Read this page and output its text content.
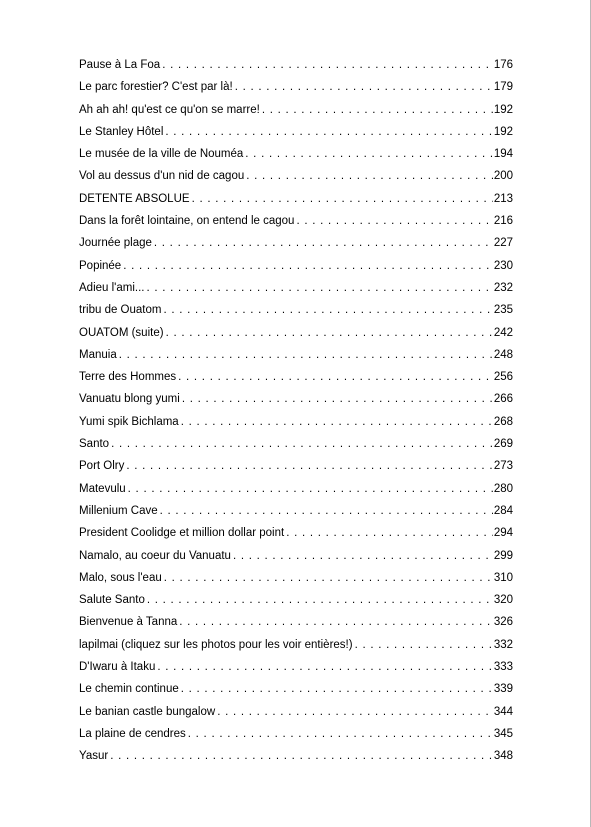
Pause à La Foa . . .	176
Le parc forestier? C'est par là! . . .	179
Ah ah ah! qu'est ce qu'on se marre! . . .	192
Le Stanley Hôtel . . .	192
Le musée de la ville de Nouméa . . .	194
Vol au dessus d'un nid de cagou . . .	200
DETENTE ABSOLUE . . .	213
Dans la forêt lointaine, on entend le cagou . . .	216
Journée plage . . .	227
Popinée . . .	230
Adieu l'ami... . . .	232
tribu de Ouatom . . .	235
OUATOM (suite) . . .	242
Manuia . . .	248
Terre des Hommes . . .	256
Vanuatu blong yumi . . .	266
Yumi spik Bichlama . . .	268
Santo . . .	269
Port Olry . . .	273
Matevulu . . .	280
Millenium Cave . . .	284
President Coolidge et million dollar point . . .	294
Namalo, au coeur du Vanuatu . . .	299
Malo, sous l'eau . . .	310
Salute Santo . . .	320
Bienvenue à Tanna . . .	326
lapilmai (cliquez sur les photos pour les voir entières!) . . .	332
D'Iwaru à Itaku . . .	333
Le chemin continue . . .	339
Le banian castle bungalow . . .	344
La plaine de cendres . . .	345
Yasur . . .	348
